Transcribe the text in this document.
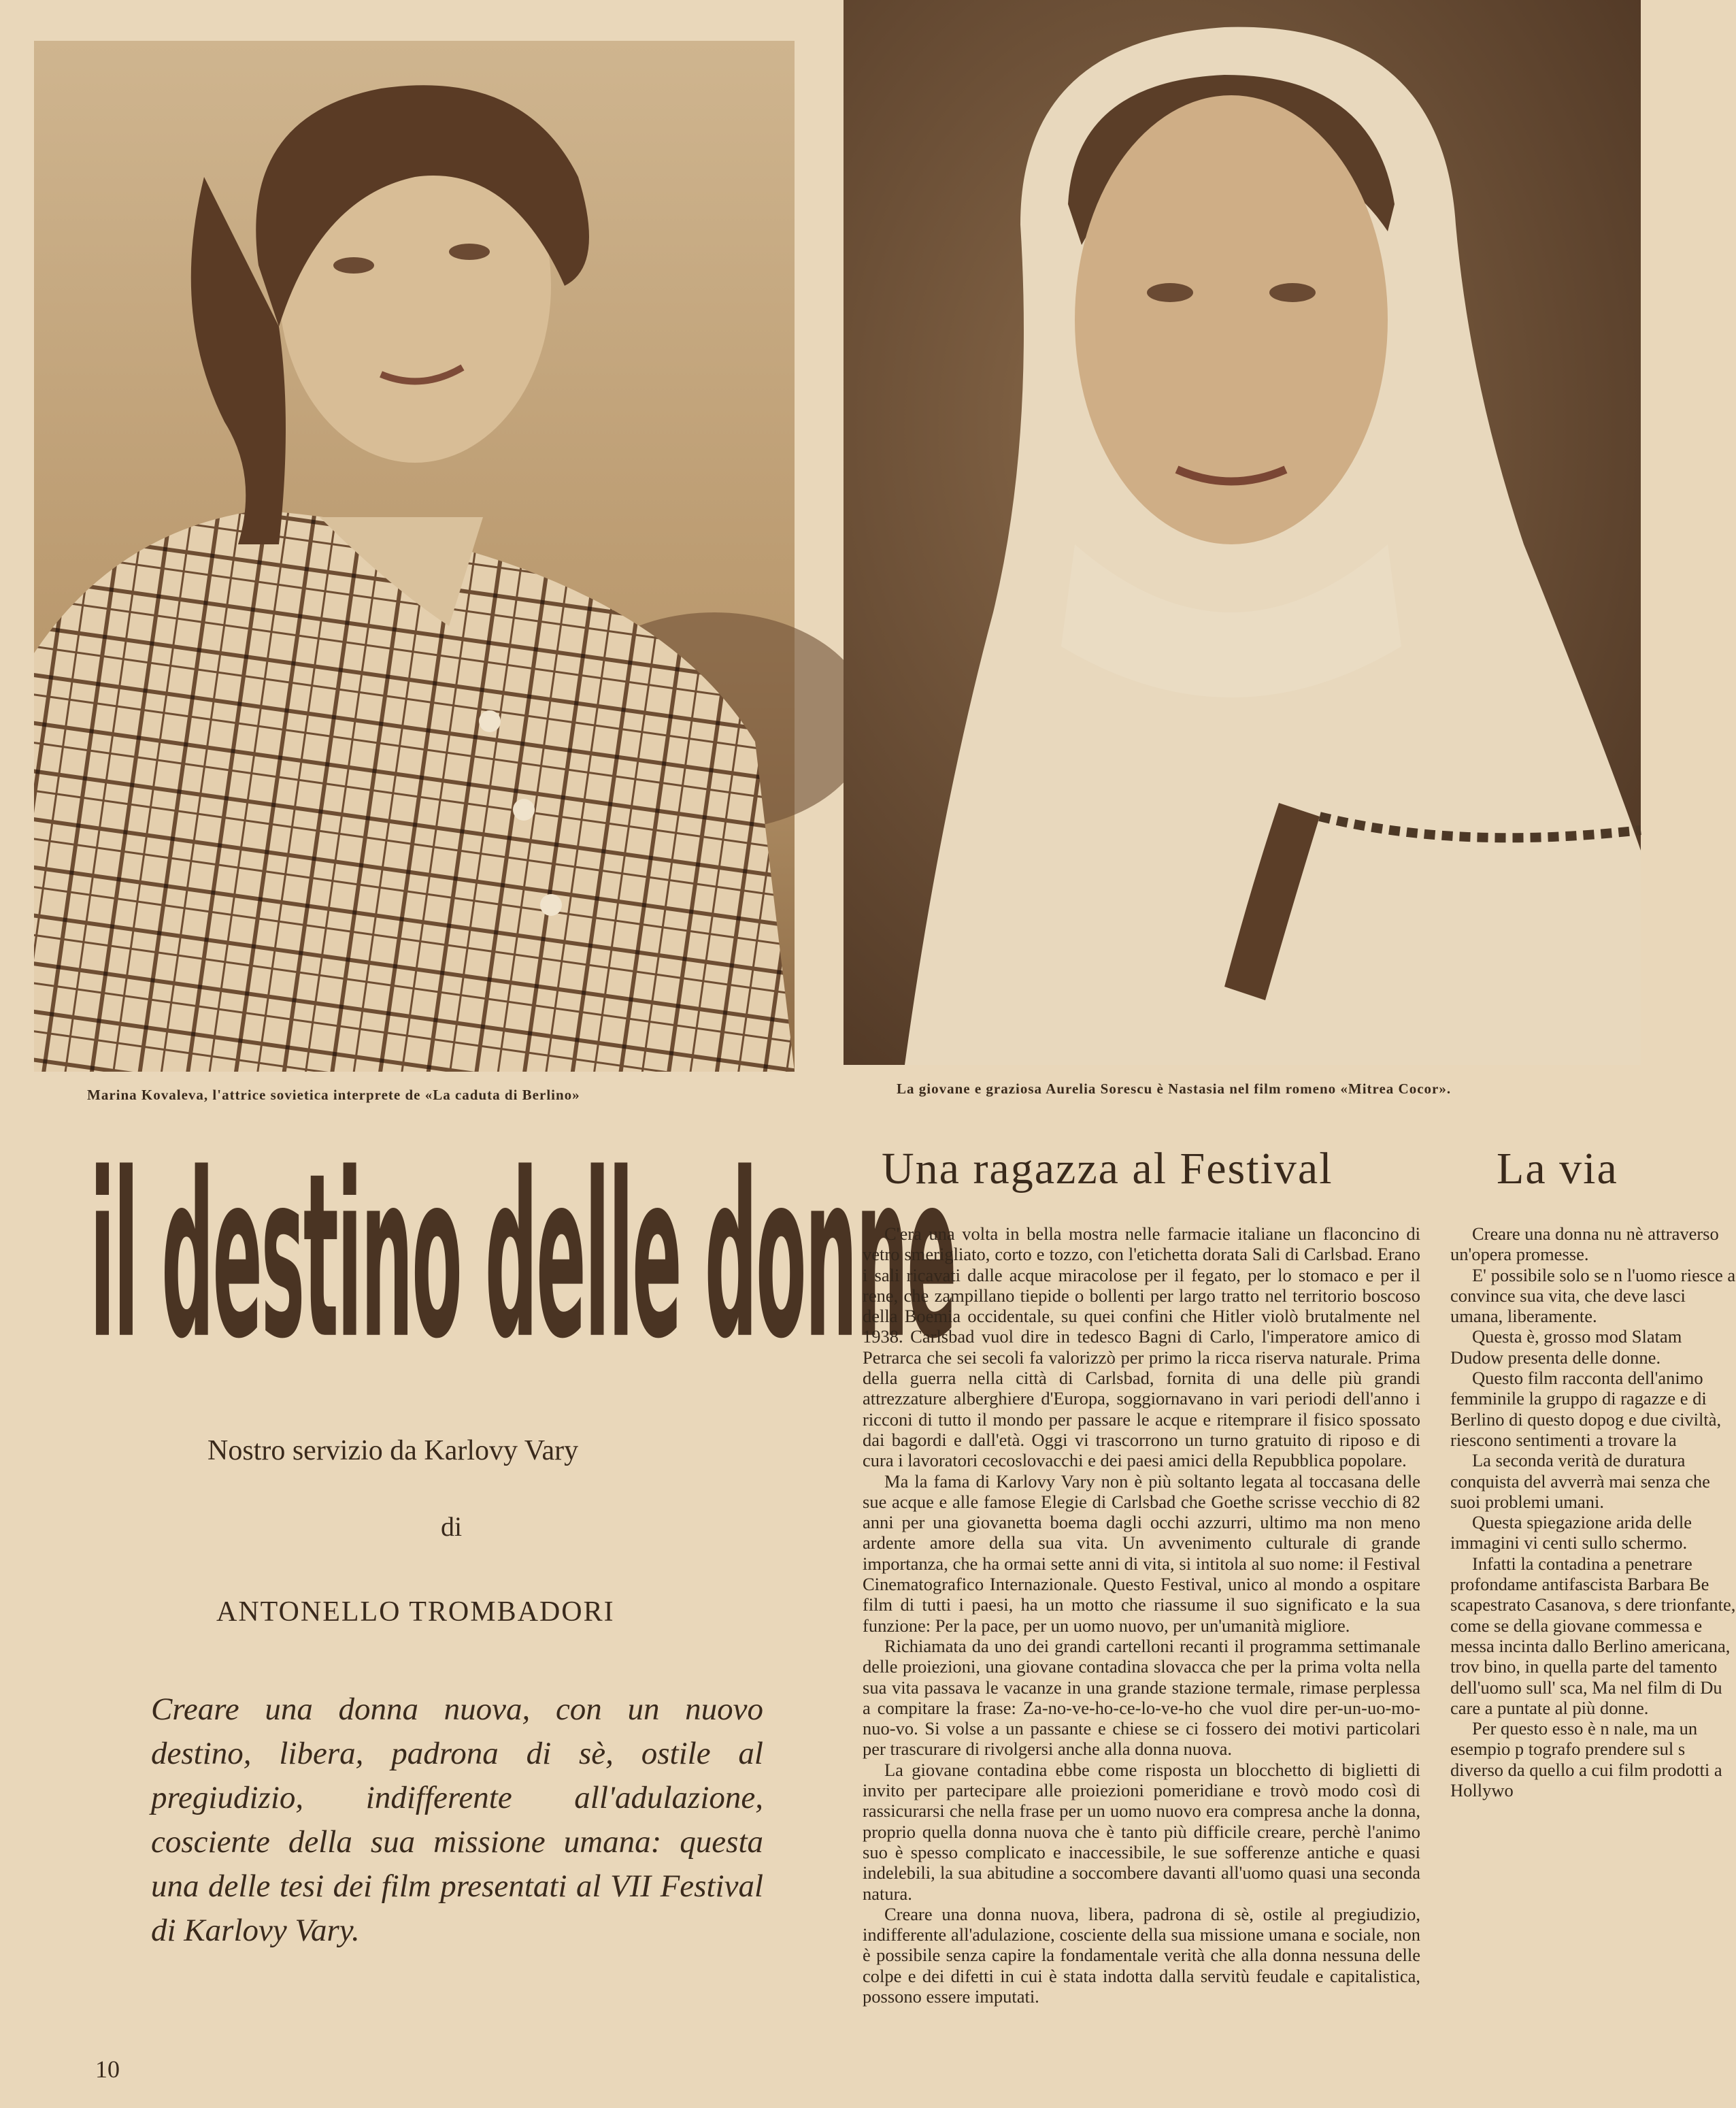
Marina Kovaleva, l'attrice sovietica interprete de «La caduta di Berlino»	La giovane e graziosa Aurelia Sorescu è Nastasia nel film romeno «Mitrea Cocor».
il destino delle donne
Nostro servizio da Karlovy Vary
di
ANTONELLO TROMBADORI

Creare una donna nuova, con un nuovo destino, libera, padrona di sè, ostile al pregiudizio, indifferente all'adulazione, cosciente della sua missione umana: questa una delle tesi dei film presentati al VII Festival di Karlovy Vary.

Una ragazza al Festival

C'era una volta in bella mostra nelle farmacie italiane un flaconcino di vetro smerigliato, corto e tozzo, con l'etichetta dorata Sali di Carlsbad. Erano i sali ricavati dalle acque miracolose per il fegato, per lo stomaco e per il rene, che zampillano tiepide o bollenti per largo tratto nel territorio boscoso della Boemia occidentale, su quei confini che Hitler violò brutalmente nel 1938. Carlsbad vuol dire in tedesco Bagni di Carlo, l'imperatore amico di Petrarca che sei secoli fa valorizzò per primo la ricca riserva naturale. Prima della guerra nella città di Carlsbad, fornita di una delle più grandi attrezzature alberghiere d'Europa, soggiornavano in vari periodi dell'anno i ricconi di tutto il mondo per passare le acque e ritemprare il fisico spossato dai bagordi e dall'età. Oggi vi trascorrono un turno gratuito di riposo e di cura i lavoratori cecoslovacchi e dei paesi amici della Repubblica popolare.

Ma la fama di Karlovy Vary non è più soltanto legata al toccasana delle sue acque e alle famose Elegie di Carlsbad che Goethe scrisse vecchio di 82 anni per una giovanetta boema dagli occhi azzurri, ultimo ma non meno ardente amore della sua vita. Un avvenimento culturale di grande importanza, che ha ormai sette anni di vita, si intitola al suo nome: il Festival Cinematografico Internazionale. Questo Festival, unico al mondo a ospitare film di tutti i paesi, ha un motto che riassume il suo significato e la sua funzione: Per la pace, per un uomo nuovo, per un'umanità migliore.

Richiamata da uno dei grandi cartelloni recanti il programma settimanale delle proiezioni, una giovane contadina slovacca che per la prima volta nella sua vita passava le vacanze in una grande stazione termale, rimase perplessa a compitare la frase: Za-no-ve-ho-ce-lo-ve-ho che vuol dire per-un-uo-mo-nuo-vo. Si volse a un passante e chiese se ci fossero dei motivi particolari per trascurare di rivolgersi anche alla donna nuova.

La giovane contadina ebbe come risposta un blocchetto di biglietti di invito per partecipare alle proiezioni pomeridiane e trovò modo così di rassicurarsi che nella frase per un uomo nuovo era compresa anche la donna, proprio quella donna nuova che è tanto più difficile creare, perchè l'animo suo è spesso complicato e inaccessibile, le sue sofferenze antiche e quasi indelebili, la sua abitudine a soccombere davanti all'uomo quasi una seconda natura.

Creare una donna nuova, libera, padrona di sè, ostile al pregiudizio, indifferente all'adulazione, cosciente della sua missione umana e sociale, non è possibile senza capire la fondamentale verità che alla donna nessuna delle colpe e dei difetti in cui è stata indotta dalla servitù feudale e capitalistica, possono essere imputati.

La via

Creare una donna nu nè attraverso un'opera promesse.

E' possibile solo se n l'uomo riesce a convince sua vita, che deve lasci umana, liberamente.

Questa è, grosso mod Slatam Dudow presenta delle donne.

Questo film racconta dell'animo femminile la gruppo di ragazze e di Berlino di questo dopog e due civiltà, riescono sentimenti a trovare la

La seconda verità de duratura conquista del avverrà mai senza che suoi problemi umani.

Questa spiegazione arida delle immagini vi centi sullo schermo.

Infatti la contadina a penetrare profondame antifascista Barbara Be scapestrato Casanova, s dere trionfante, come se della giovane commessa e messa incinta dallo Berlino americana, trov bino, in quella parte del tamento dell'uomo sull' sca, Ma nel film di Du care a puntate al più donne.

Per questo esso è n nale, ma un esempio p tografo prendere sul s diverso da quello a cui film prodotti a Hollywo

10
